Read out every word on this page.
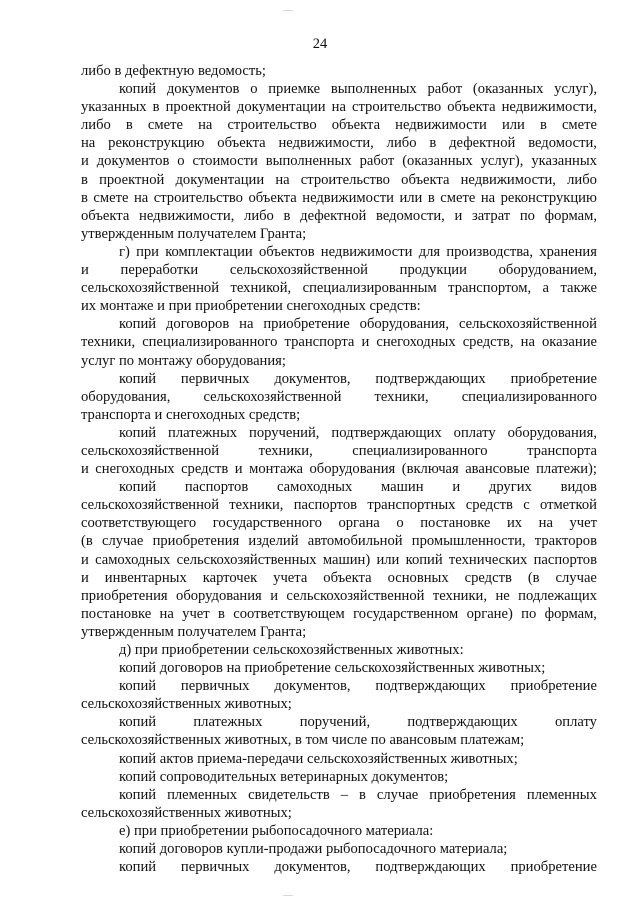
24
либо в дефектную ведомость;
копий документов о приемке выполненных работ (оказанных услуг),
указанных в проектной документации на строительство объекта недвижимости,
либо в смете на строительство объекта недвижимости или в смете
на реконструкцию объекта недвижимости, либо в дефектной ведомости,
и документов о стоимости выполненных работ (оказанных услуг), указанных
в проектной документации на строительство объекта недвижимости, либо
в смете на строительство объекта недвижимости или в смете на реконструкцию
объекта недвижимости, либо в дефектной ведомости, и затрат по формам,
утвержденным получателем Гранта;
г) при комплектации объектов недвижимости для производства, хранения
и переработки сельскохозяйственной продукции оборудованием,
сельскохозяйственной техникой, специализированным транспортом, а также
их монтаже и при приобретении снегоходных средств:
копий договоров на приобретение оборудования, сельскохозяйственной
техники, специализированного транспорта и снегоходных средств, на оказание
услуг по монтажу оборудования;
копий первичных документов, подтверждающих приобретение
оборудования, сельскохозяйственной техники, специализированного
транспорта и снегоходных средств;
копий платежных поручений, подтверждающих оплату оборудования,
сельскохозяйственной	техники,	специализированного	транспорта
и снегоходных средств и монтажа оборудования (включая авансовые платежи);
копий паспортов самоходных машин и других видов
сельскохозяйственной техники, паспортов транспортных средств с отметкой
соответствующего государственного органа о постановке их на учет
(в случае приобретения изделий автомобильной промышленности, тракторов
и самоходных сельскохозяйственных машин) или копий технических паспортов
и инвентарных карточек учета объекта основных средств (в случае
приобретения оборудования и сельскохозяйственной техники, не подлежащих
постановке на учет в соответствующем государственном органе) по формам,
утвержденным получателем Гранта;
д) при приобретении сельскохозяйственных животных:
копий договоров на приобретение сельскохозяйственных животных;
копий первичных документов, подтверждающих приобретение
сельскохозяйственных животных;
копий	платежных	поручений,	подтверждающих	оплату
сельскохозяйственных животных, в том числе по авансовым платежам;
копий актов приема-передачи сельскохозяйственных животных;
копий сопроводительных ветеринарных документов;
копий племенных свидетельств – в случае приобретения племенных
сельскохозяйственных животных;
е) при приобретении рыбопосадочного материала:
копий договоров купли-продажи рыбопосадочного материала;
копий первичных документов, подтверждающих приобретение
